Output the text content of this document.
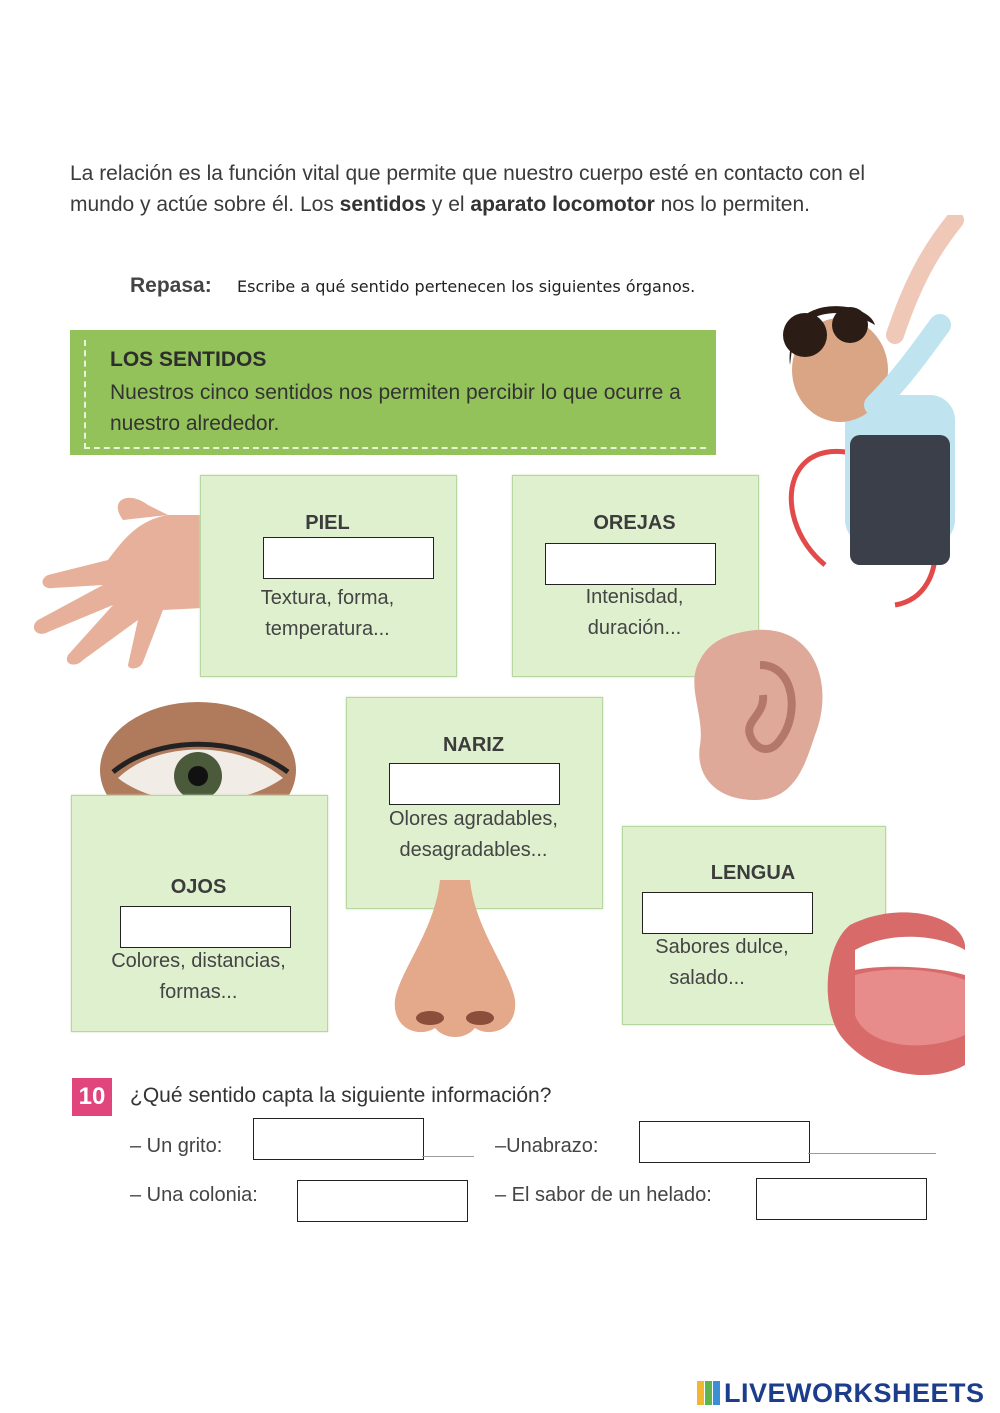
La relación es la función vital que permite que nuestro cuerpo esté en contacto con el mundo y actúe sobre él. Los sentidos y el aparato locomotor nos lo permiten.
Repasa: Escribe a qué sentido pertenecen los siguientes órganos.
LOS SENTIDOS
Nuestros cinco sentidos nos permiten percibir lo que ocurre a nuestro alrededor.
PIEL
Textura, forma,
temperatura...
OREJAS
Intenisdad,
duración...
NARIZ
Olores agradables,
desagradables...
OJOS
Colores, distancias,
formas...
LENGUA
Sabores dulce,
salado...
10	¿Qué sentido capta la siguiente información?
– Un grito:	–Unabrazo:
– Una colonia:	– El sabor de un helado:
LIVEWORKSHEETS
